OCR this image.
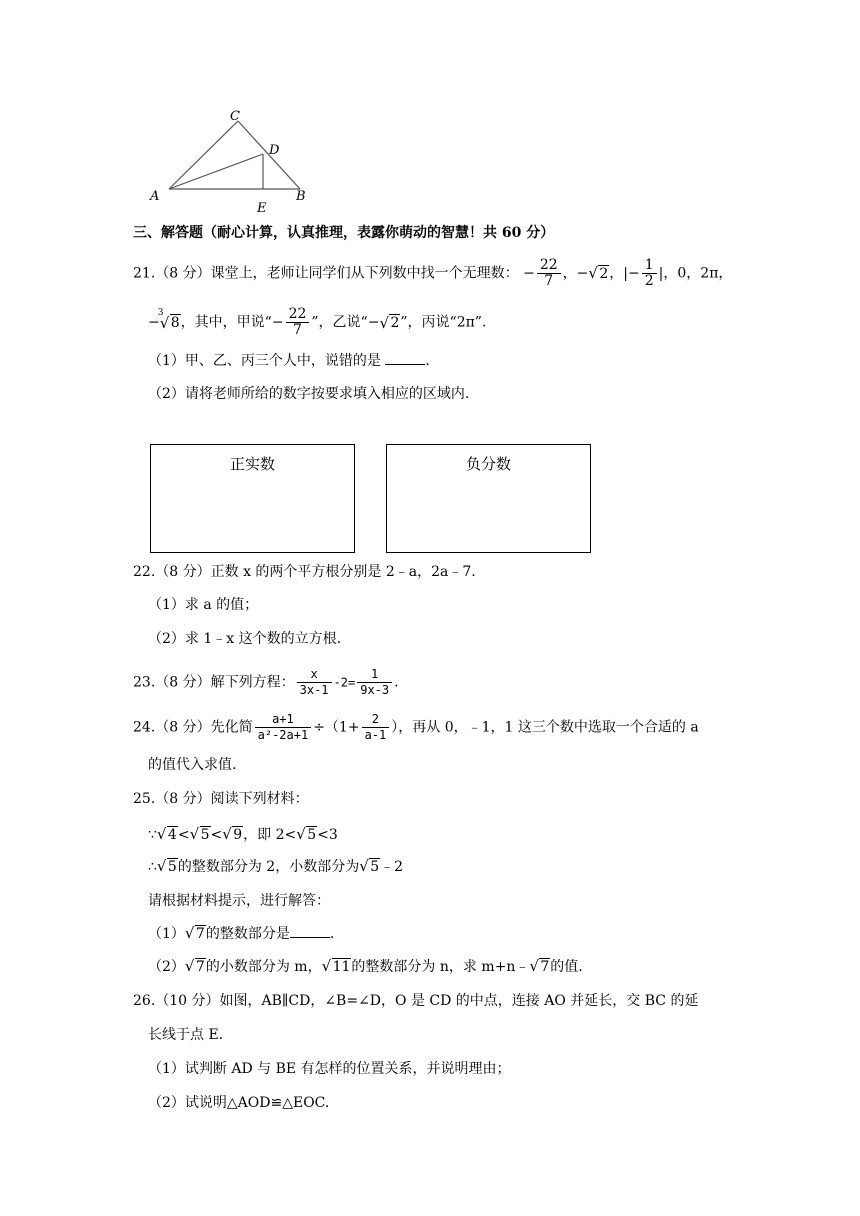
C
D
A	B
E
三、解答题（耐心计算，认真推理，表露你萌动的智慧！共 60 分）
21.（8 分）课堂上，老师让同学们从下列数中找一个无理数： − $\frac{22}{7}$ ，− √ 2，|− $\frac{1}{2}$ |，0，2π，
−
3
√ 8，其中，甲说“− $\frac{22}{7}$ ”，乙说“− √ 2”，丙说“2π”.
（1）甲、乙、丙三个人中，说错的是	.
（2）请将老师所给的数字按要求填入相应的区域内.
正实数	负分数
22.（8 分）正数 x 的两个平方根分别是 2﹣a，2a﹣7.
（1）求 a 的值；
（2）求 1﹣x 这个数的立方根.
23.（8 分）解下列方程： $\frac{x}{3x-1} -2= \frac{1}{9x-3}$ .
24.（8 分）先化简 $\frac{a+1}{\text{a²-2a+1}} \div(1+ \frac{2}{a-1}$ ），再从 0，﹣1，1 这三个数中选取一个合适的 a
的值代入求值.
25.（8 分）阅读下列材料：
∵ √ 4< √ 5< √ 9，即 2< √ 5<3
∴ √ 5的整数部分为 2，小数部分为 √ 5﹣2
请根据材料提示，进行解答：
（1） √ 7的整数部分是	.
（2） √ 7的小数部分为 m， √ 11的整数部分为 n，求 m+n﹣ √ 7的值.
26.（10 分）如图，AB∥CD，∠B=∠D，O 是 CD 的中点，连接 AO 并延长，交 BC 的延
长线于点 E.
（1）试判断 AD 与 BE 有怎样的位置关系，并说明理由；
（2）试说明△AOD≌△EOC.
